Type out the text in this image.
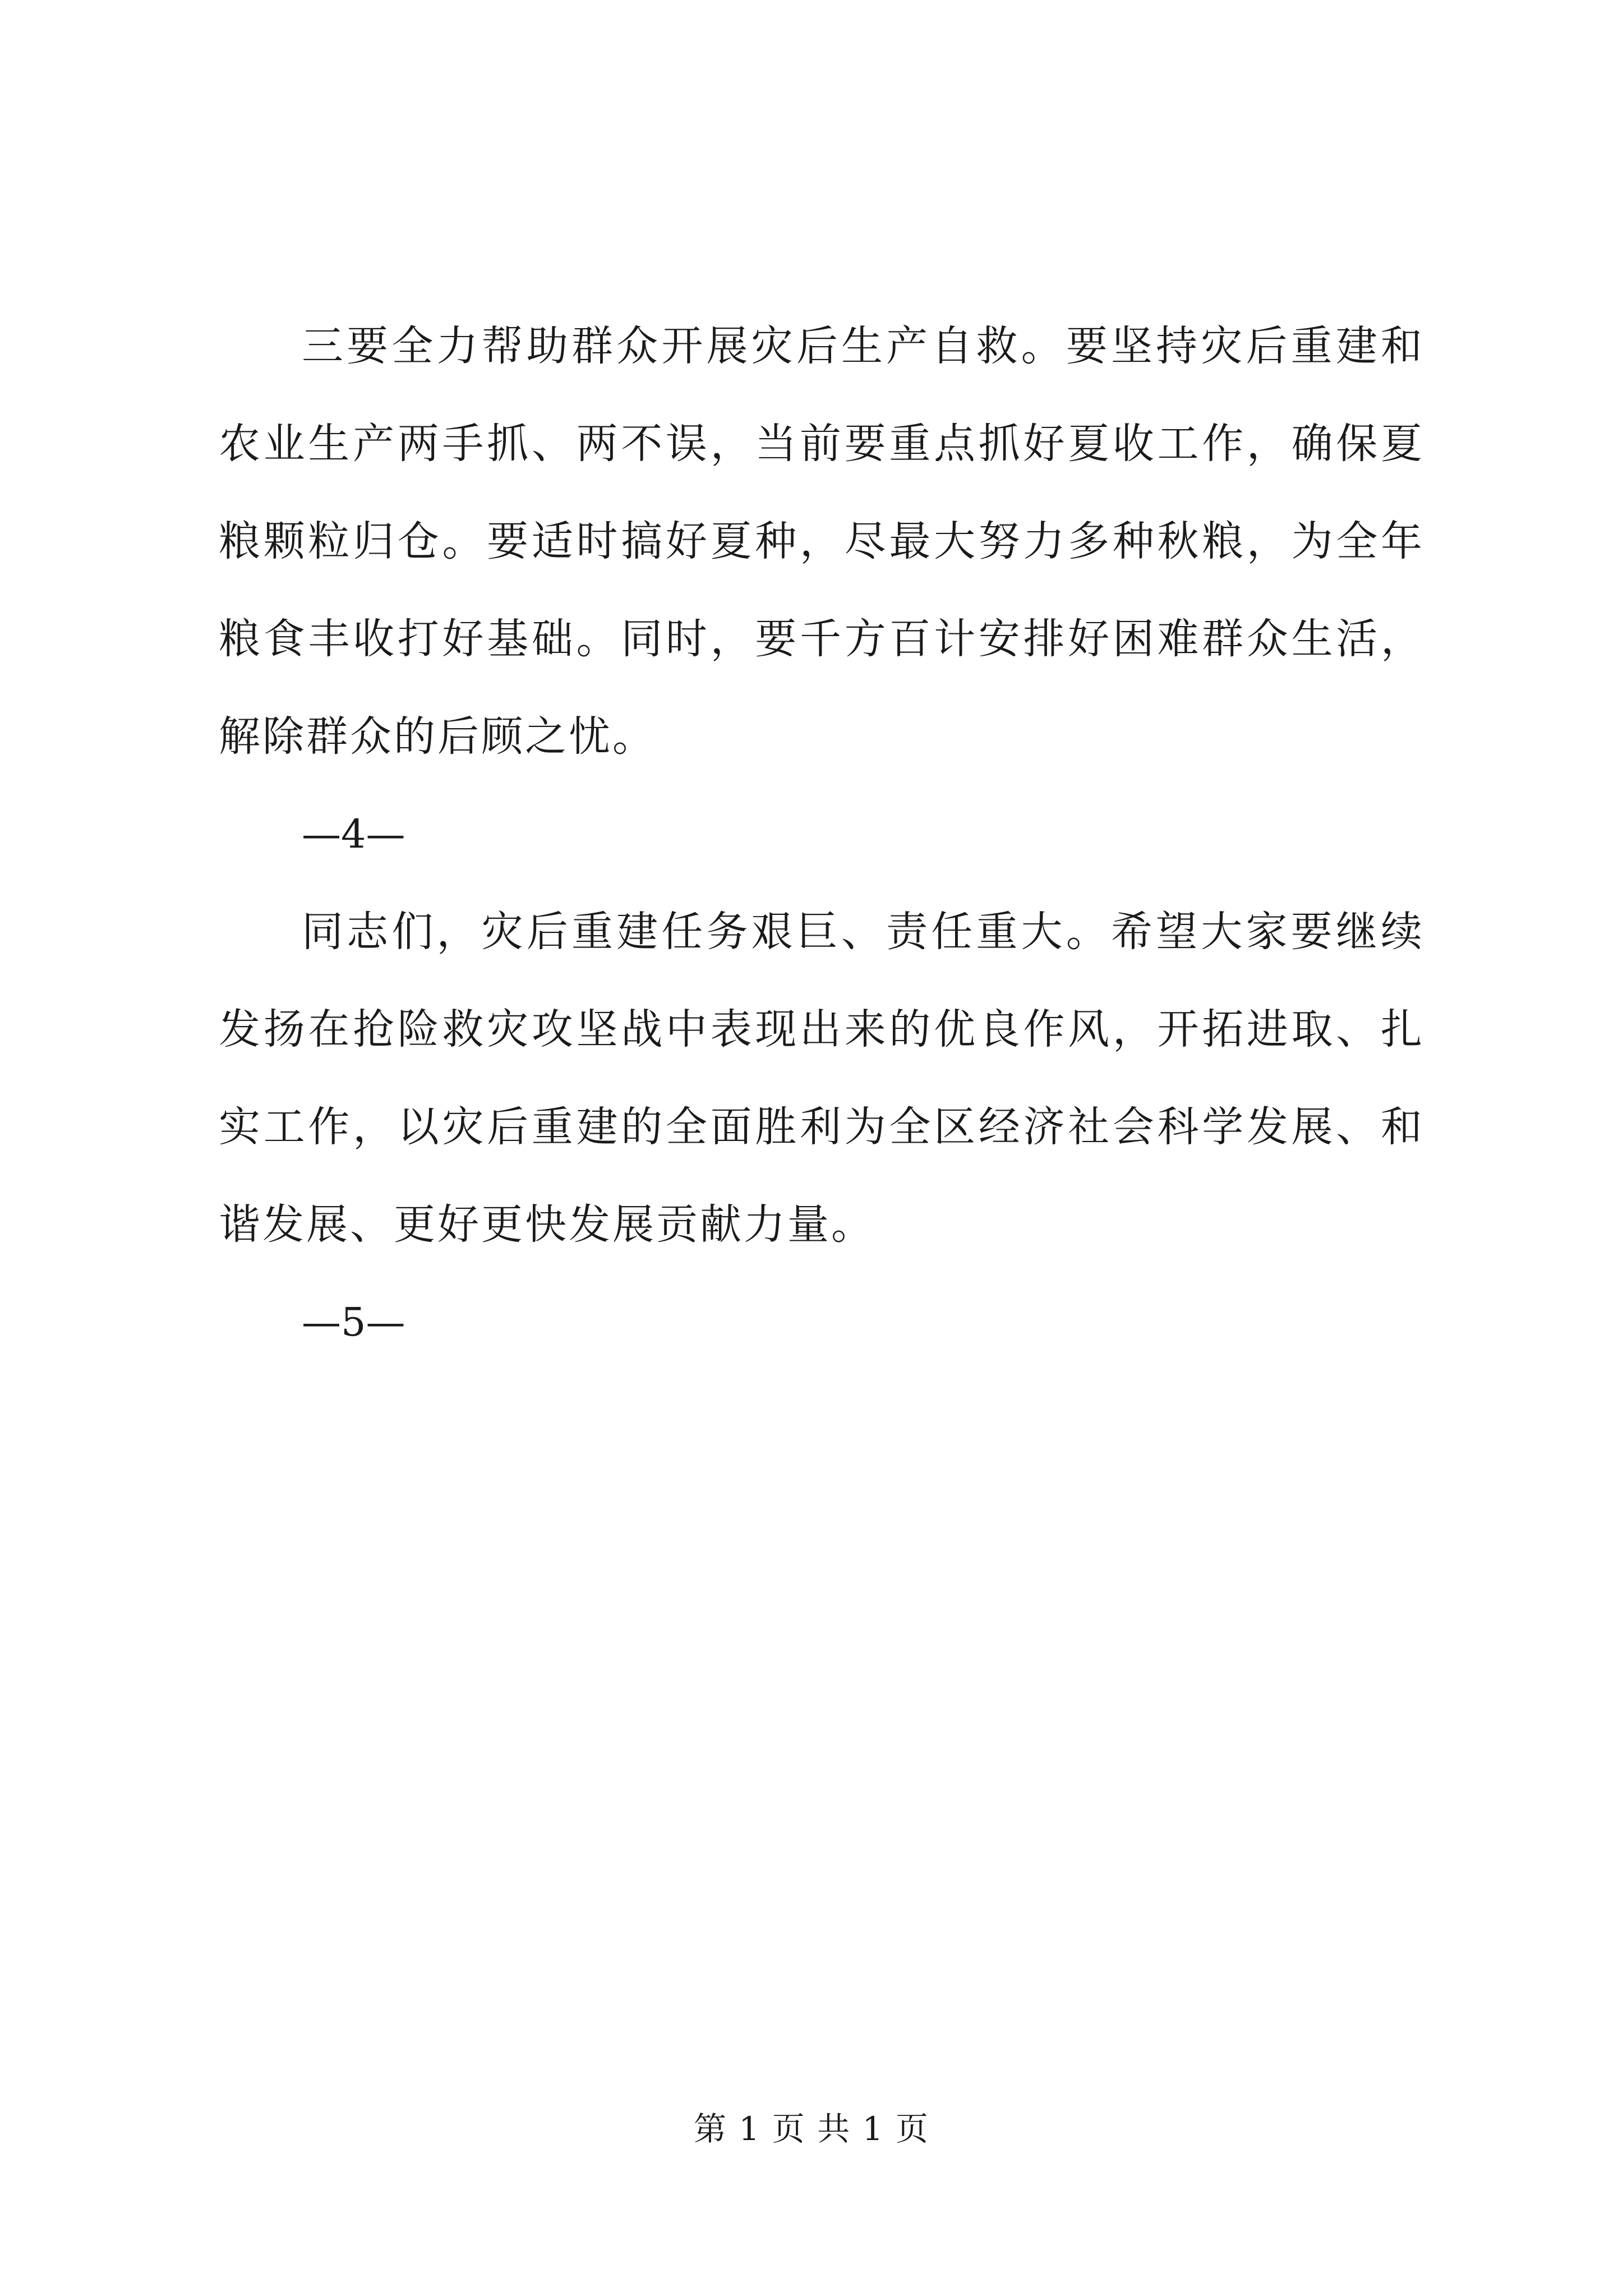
三要全力帮助群众开展灾后生产自救。要坚持灾后重建和农业生产两手抓、两不误，当前要重点抓好夏收工作，确保夏粮颗粒归仓。要适时搞好夏种，尽最大努力多种秋粮，为全年粮食丰收打好基础。同时，要千方百计安排好困难群众生活，解除群众的后顾之忧。

—4—

同志们，灾后重建任务艰巨、责任重大。希望大家要继续发扬在抢险救灾攻坚战中表现出来的优良作风，开拓进取、扎实工作，以灾后重建的全面胜利为全区经济社会科学发展、和谐发展、更好更快发展贡献力量。

—5—

第 1 页 共 1 页
